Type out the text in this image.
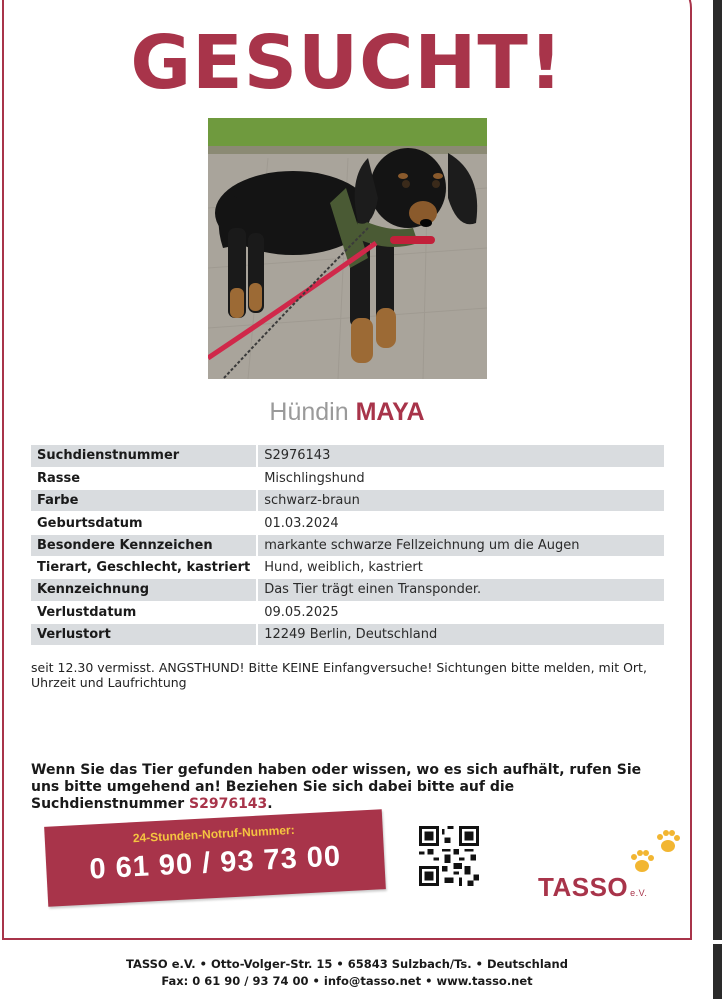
GESUCHT!
Hündin MAYA
Suchdienstnummer	S2976143
Rasse	Mischlingshund
Farbe	schwarz-braun
Geburtsdatum	01.03.2024
Besondere Kennzeichen	markante schwarze Fellzeichnung um die Augen
Tierart, Geschlecht, kastriert	Hund, weiblich, kastriert
Kennzeichnung	Das Tier trägt einen Transponder.
Verlustdatum	09.05.2025
Verlustort	12249 Berlin, Deutschland

seit 12.30 vermisst. ANGSTHUND! Bitte KEINE Einfangversuche! Sichtungen bitte melden, mit Ort, Uhrzeit und Laufrichtung

Wenn Sie das Tier gefunden haben oder wissen, wo es sich aufhält, rufen Sie uns bitte umgehend an! Beziehen Sie sich dabei bitte auf die Suchdienstnummer S2976143.

24-Stunden-Notruf-Nummer:
0 61 90 / 93 73 00
TASSO e.V.
TASSO e.V. • Otto-Volger-Str. 15 • 65843 Sulzbach/Ts. • Deutschland
Fax: 0 61 90 / 93 74 00 • info@tasso.net • www.tasso.net
